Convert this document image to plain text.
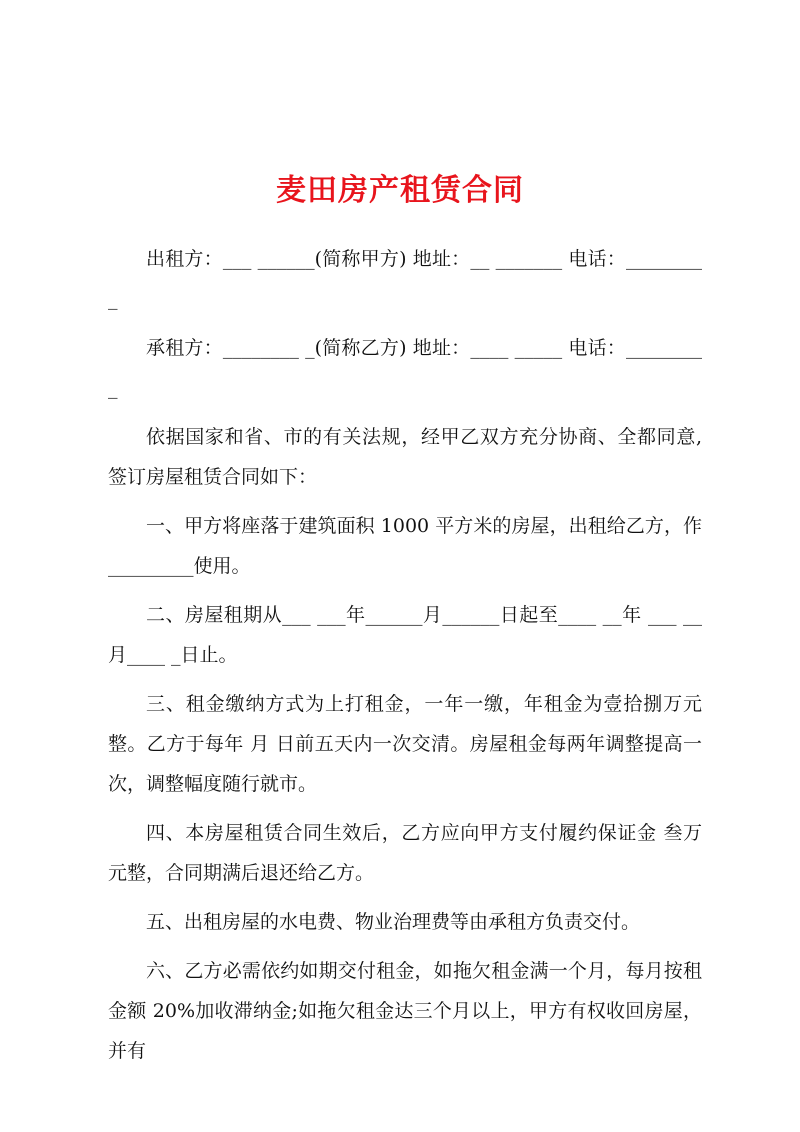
麦田房产租赁合同

出租方：___ ______(简称甲方) 地址：__ _______ 电话：_________

承租方：________ _(简称乙方) 地址：____ _____ 电话：_________

依据国家和省、市的有关法规，经甲乙双方充分协商、全都同意,签订房屋租赁合同如下：

一、甲方将座落于建筑面积 1000 平方米的房屋，出租给乙方，作_________使用。

二、房屋租期从___ ___年______月______日起至____ __年 ___ __月____ _日止。

三、租金缴纳方式为上打租金，一年一缴，年租金为壹拾捌万元整。乙方于每年 月 日前五天内一次交清。房屋租金每两年调整提高一次，调整幅度随行就市。

四、本房屋租赁合同生效后，乙方应向甲方支付履约保证金 叁万 元整，合同期满后退还给乙方。

五、出租房屋的水电费、物业治理费等由承租方负责交付。

六、乙方必需依约如期交付租金，如拖欠租金满一个月，每月按租金额 20%加收滞纳金;如拖欠租金达三个月以上，甲方有权收回房屋，并有
